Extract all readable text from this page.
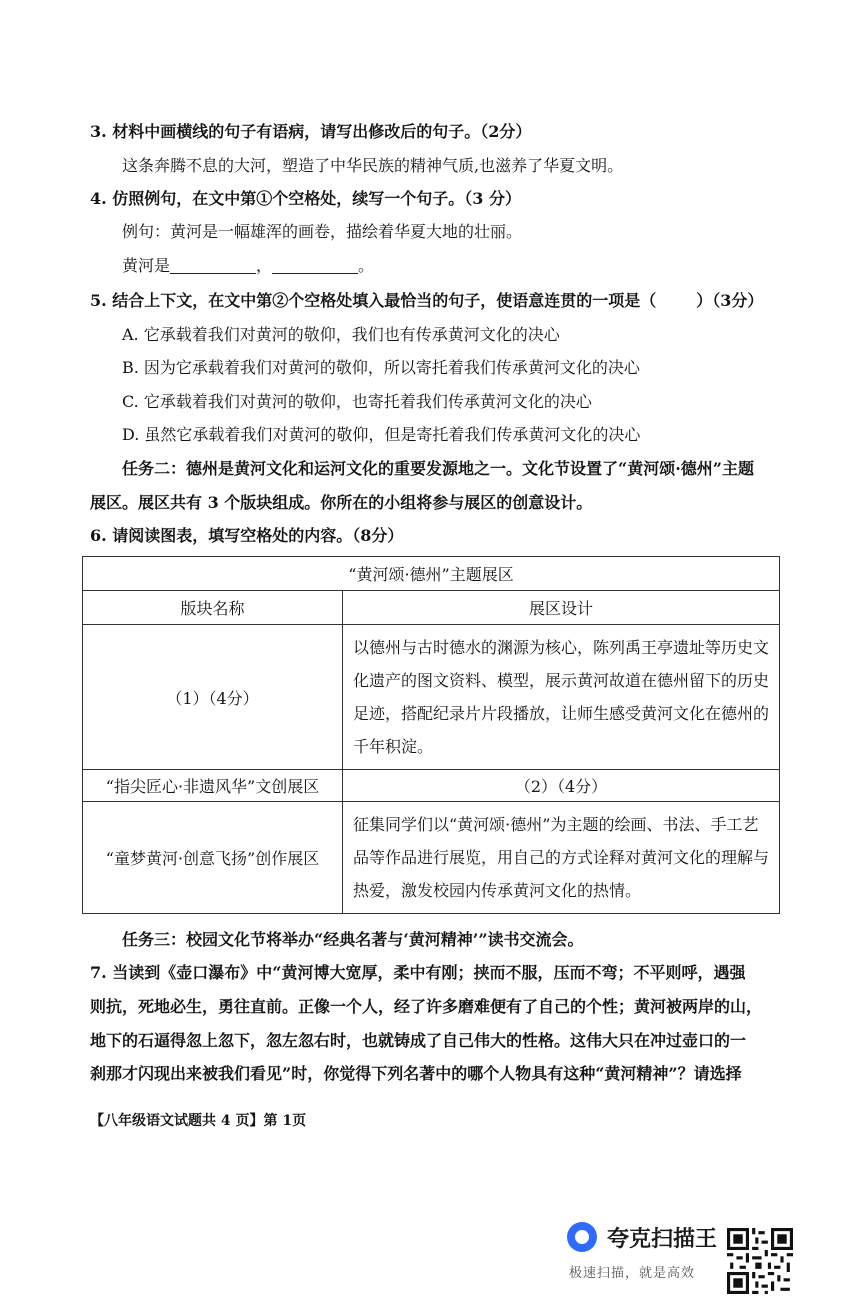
3. 材料中画横线的句子有语病，请写出修改后的句子。（2分）
这条奔腾不息的大河，塑造了中华民族的精神气质,也滋养了华夏文明。
4. 仿照例句，在文中第①个空格处，续写一个句子。（3 分）
例句：黄河是一幅雄浑的画卷，描绘着华夏大地的壮丽。
黄河是	，	。
5. 结合上下文，在文中第②个空格处填入最恰当的句子，使语意连贯的一项是（	）（3分）
A. 它承载着我们对黄河的敬仰，我们也有传承黄河文化的决心
B. 因为它承载着我们对黄河的敬仰，所以寄托着我们传承黄河文化的决心
C. 它承载着我们对黄河的敬仰，也寄托着我们传承黄河文化的决心
D. 虽然它承载着我们对黄河的敬仰，但是寄托着我们传承黄河文化的决心
任务二：德州是黄河文化和运河文化的重要发源地之一。文化节设置了“黄河颂·德州”主题
展区。展区共有 3 个版块组成。你所在的小组将参与展区的创意设计。
6. 请阅读图表，填写空格处的内容。（8分）
“黄河颂·德州”主题展区	
版块名称	展区设计
（1）（4分）	以德州与古时德水的渊源为核心，陈列禹王亭遗址等历史文化遗产的图文资料、模型，展示黄河故道在德州留下的历史足迹，搭配纪录片片段播放，让师生感受黄河文化在德州的千年积淀。
“指尖匠心·非遗风华”文创展区	（2）（4分）
“童梦黄河·创意飞扬”创作展区	征集同学们以“黄河颂·德州”为主题的绘画、书法、手工艺品等作品进行展览，用自己的方式诠释对黄河文化的理解与热爱，激发校园内传承黄河文化的热情。
任务三：校园文化节将举办“经典名著与‘黄河精神’”读书交流会。
7. 当读到《壶口瀑布》中“黄河博大宽厚，柔中有刚；挟而不服，压而不弯；不平则呼，遇强
则抗，死地必生，勇往直前。正像一个人，经了许多磨难便有了自己的个性；黄河被两岸的山，
地下的石逼得忽上忽下，忽左忽右时，也就铸成了自己伟大的性格。这伟大只在冲过壶口的一
刹那才闪现出来被我们看见”时，你觉得下列名著中的哪个人物具有这种“黄河精神”？请选择
【八年级语文试题共 4 页】第 1页
夸克扫描王
极速扫描，就是高效
